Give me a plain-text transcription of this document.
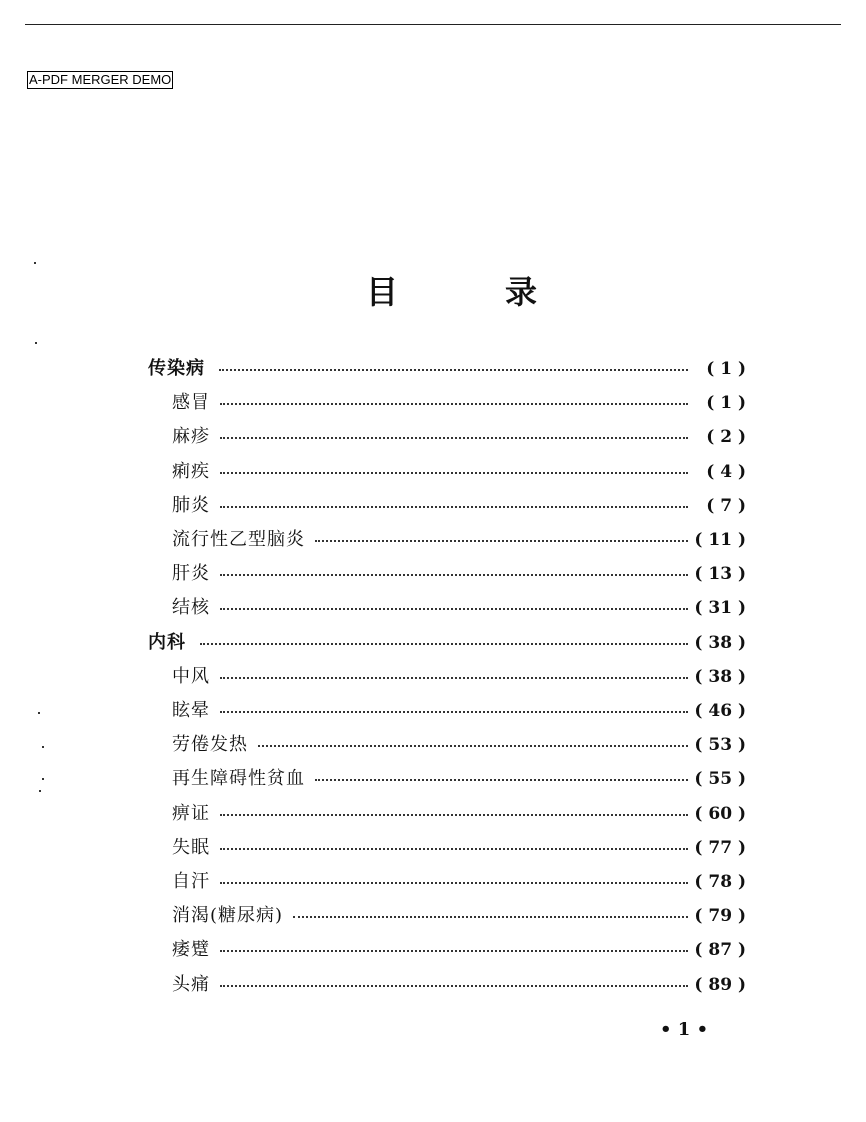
A-PDF MERGER DEMO
目	录
传染病	( 1 )
感冒	( 1 )
麻疹	( 2 )
痢疾	( 4 )
肺炎	( 7 )
流行性乙型脑炎	( 11 )
肝炎	( 13 )
结核	( 31 )
内科	( 38 )
中风	( 38 )
眩晕	( 46 )
劳倦发热	( 53 )
再生障碍性贫血	( 55 )
痹证	( 60 )
失眠	( 77 )
自汗	( 78 )
消渴(糖尿病)	( 79 )
痿躄	( 87 )
头痛	( 89 )
• 1 •
